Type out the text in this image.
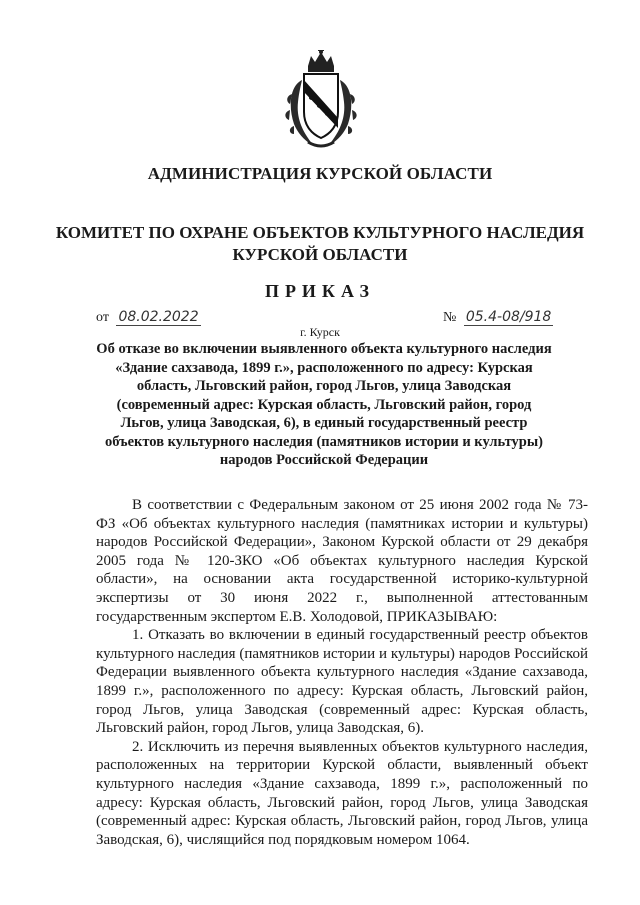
АДМИНИСТРАЦИЯ КУРСКОЙ ОБЛАСТИ
КОМИТЕТ ПО ОХРАНЕ ОБЪЕКТОВ КУЛЬТУРНОГО НАСЛЕДИЯ
КУРСКОЙ ОБЛАСТИ
ПРИКАЗ
от 08.02.2022	№ 05.4-08/918
г. Курск
Об отказе во включении выявленного объекта культурного наследия «Здание сахзавода, 1899 г.», расположенного по адресу: Курская область, Льговский район, город Льгов, улица Заводская (современный адрес: Курская область, Льговский район, город Льгов, улица Заводская, 6), в единый государственный реестр объектов культурного наследия (памятников истории и культуры) народов Российской Федерации

В соответствии с Федеральным законом от 25 июня 2002 года № 73-ФЗ «Об объектах культурного наследия (памятниках истории и культуры) народов Российской Федерации», Законом Курской области от 29 декабря 2005 года № 120-ЗКО «Об объектах культурного наследия Курской области», на основании акта государственной историко-культурной экспертизы от 30 июня 2022 г., выполненной аттестованным государственным экспертом Е.В. Холодовой, ПРИКАЗЫВАЮ:

1. Отказать во включении в единый государственный реестр объектов культурного наследия (памятников истории и культуры) народов Российской Федерации выявленного объекта культурного наследия «Здание сахзавода, 1899 г.», расположенного по адресу: Курская область, Льговский район, город Льгов, улица Заводская (современный адрес: Курская область, Льговский район, город Льгов, улица Заводская, 6).

2. Исключить из перечня выявленных объектов культурного наследия, расположенных на территории Курской области, выявленный объект культурного наследия «Здание сахзавода, 1899 г.», расположенный по адресу: Курская область, Льговский район, город Льгов, улица Заводская (современный адрес: Курская область, Льговский район, город Льгов, улица Заводская, 6), числящийся под порядковым номером 1064.
